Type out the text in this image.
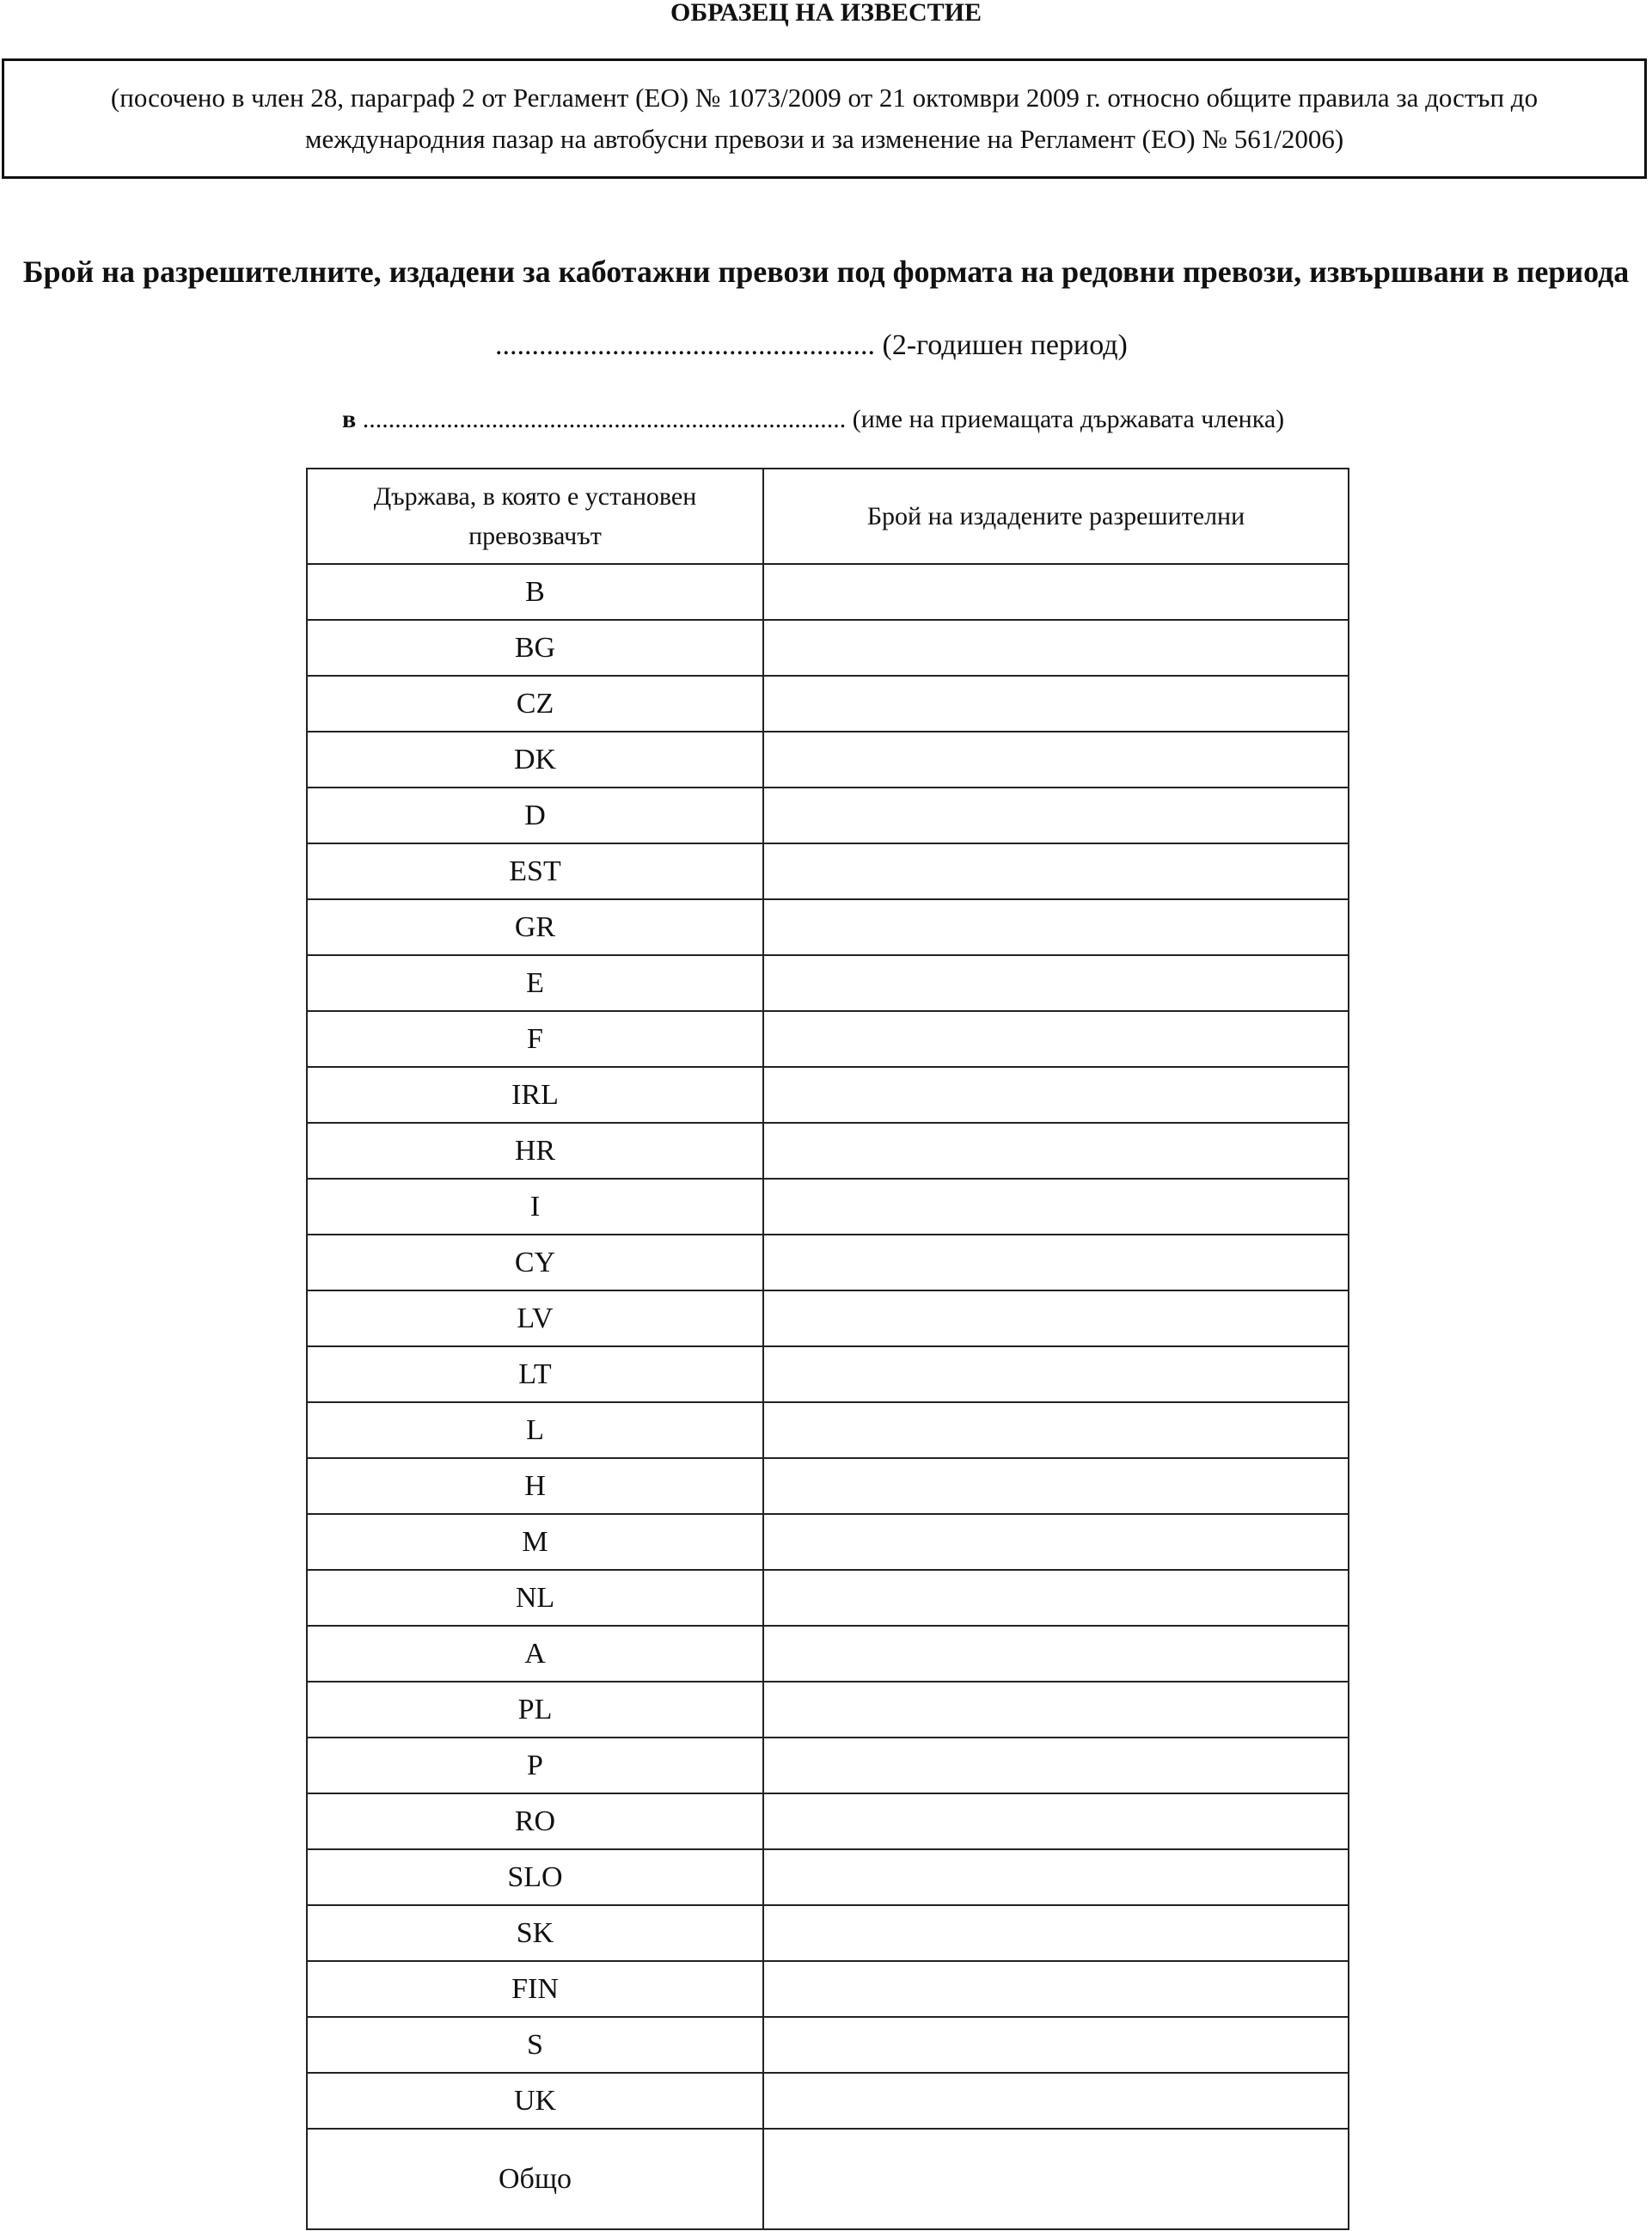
ОБРАЗЕЦ НА ИЗВЕСТИЕ
(посочено в член 28, параграф 2 от Регламент (ЕО) № 1073/2009 от 21 октомври 2009 г. относно общите правила за достъп до
международния пазар на автобусни превози и за изменение на Регламент (ЕО) № 561/2006)
Брой на разрешителните, издадени за каботажни превози под формата на редовни превози, извършвани в периода
.................................................... (2-годишен период)
в ........................................................................... (име на приемащата държавата членка)
Държава, в която е установен
превозвачът	Брой на издадените разрешителни
B	
BG	
CZ	
DK	
D	
EST	
GR	
E	
F	
IRL	
HR	
I	
CY	
LV	
LT	
L	
H	
M	
NL	
A	
PL	
P	
RO	
SLO	
SK	
FIN	
S	
UK	
Общо	
